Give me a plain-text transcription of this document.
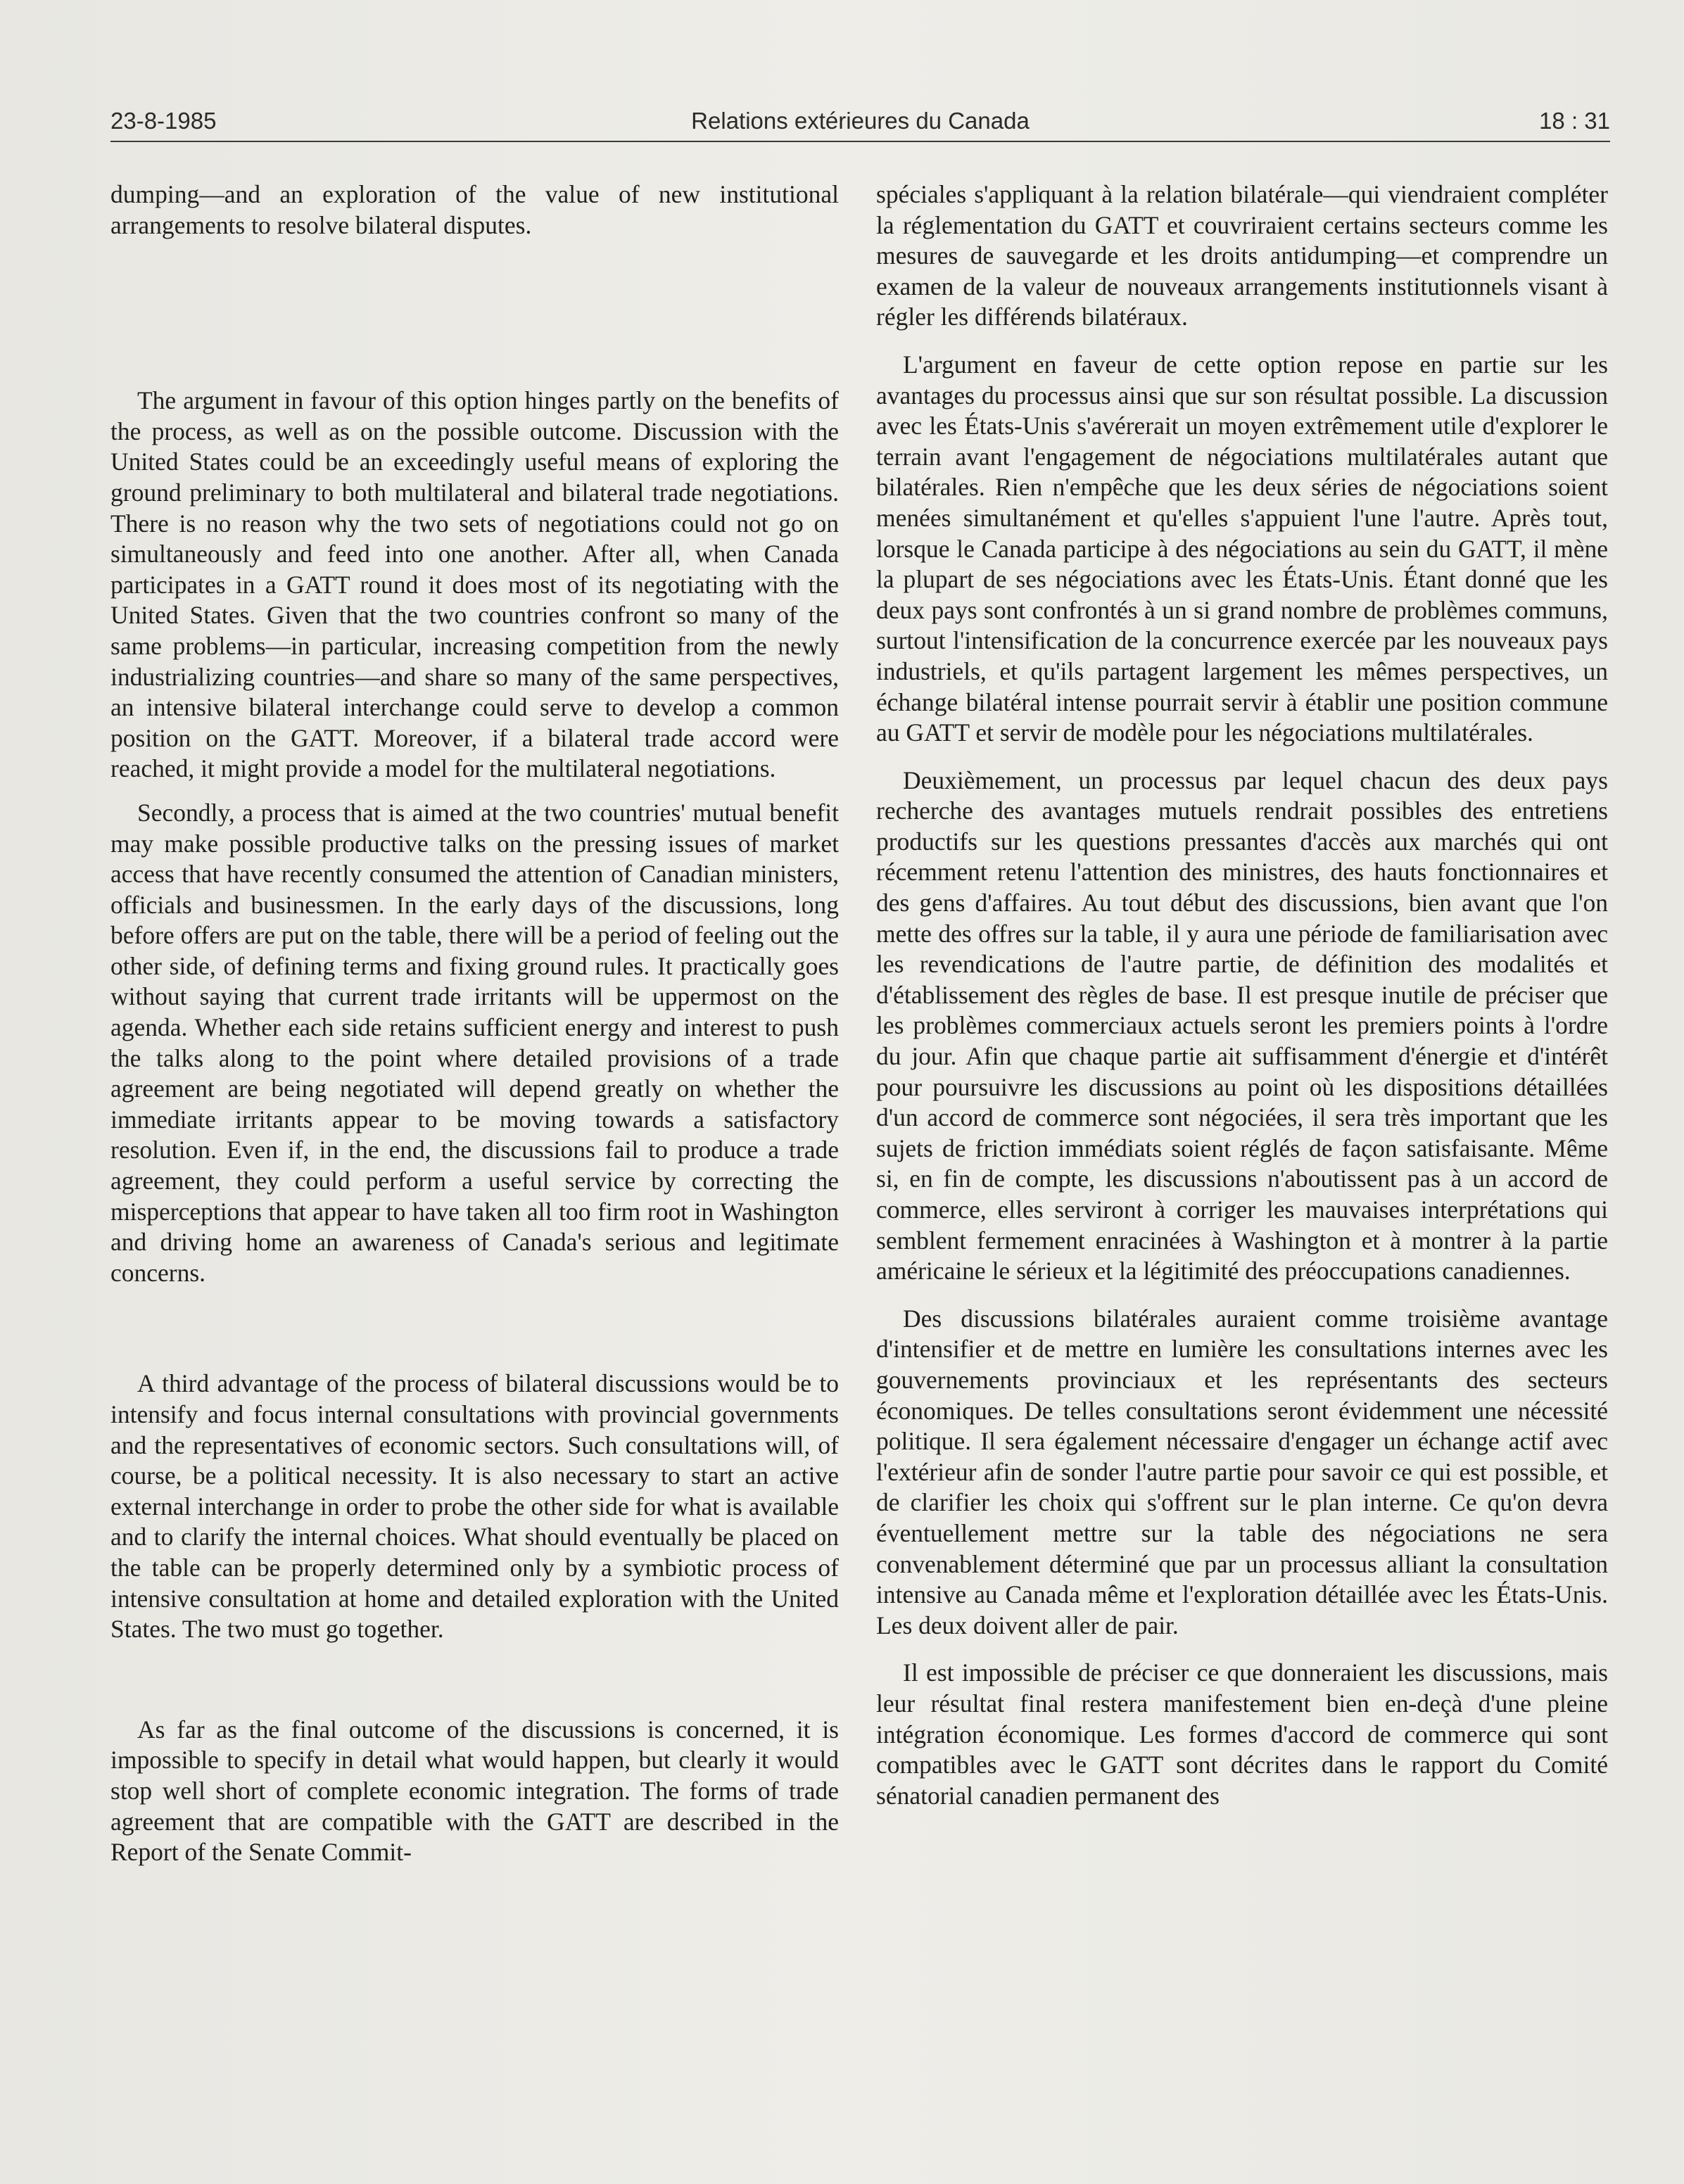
23-8-1985	Relations extérieures du Canada	18 : 31

dumping—and an exploration of the value of new institutional arrangements to resolve bilateral disputes.

The argument in favour of this option hinges partly on the benefits of the process, as well as on the possible outcome. Discussion with the United States could be an exceedingly useful means of exploring the ground preliminary to both multilateral and bilateral trade negotiations. There is no reason why the two sets of negotiations could not go on simultaneously and feed into one another. After all, when Canada participates in a GATT round it does most of its negotiating with the United States. Given that the two countries confront so many of the same problems—in particular, increasing competition from the newly industrializing countries—and share so many of the same perspectives, an intensive bilateral interchange could serve to develop a common position on the GATT. Moreover, if a bilateral trade accord were reached, it might provide a model for the multilateral negotiations.

Secondly, a process that is aimed at the two countries' mutual benefit may make possible productive talks on the pressing issues of market access that have recently consumed the attention of Canadian ministers, officials and businessmen. In the early days of the discussions, long before offers are put on the table, there will be a period of feeling out the other side, of defining terms and fixing ground rules. It practically goes without saying that current trade irritants will be uppermost on the agenda. Whether each side retains sufficient energy and interest to push the talks along to the point where detailed provisions of a trade agreement are being negotiated will depend greatly on whether the immediate irritants appear to be moving towards a satisfactory resolution. Even if, in the end, the discussions fail to produce a trade agreement, they could perform a useful service by correcting the misperceptions that appear to have taken all too firm root in Washington and driving home an awareness of Canada's serious and legitimate concerns.

A third advantage of the process of bilateral discussions would be to intensify and focus internal consultations with provincial governments and the representatives of economic sectors. Such consultations will, of course, be a political necessity. It is also necessary to start an active external interchange in order to probe the other side for what is available and to clarify the internal choices. What should eventually be placed on the table can be properly determined only by a symbiotic process of intensive consultation at home and detailed exploration with the United States. The two must go together.

As far as the final outcome of the discussions is concerned, it is impossible to specify in detail what would happen, but clearly it would stop well short of complete economic integration. The forms of trade agreement that are compatible with the GATT are described in the Report of the Senate Commit-

spéciales s'appliquant à la relation bilatérale—qui viendraient compléter la réglementation du GATT et couvriraient certains secteurs comme les mesures de sauvegarde et les droits antidumping—et comprendre un examen de la valeur de nouveaux arrangements institutionnels visant à régler les différends bilatéraux.

L'argument en faveur de cette option repose en partie sur les avantages du processus ainsi que sur son résultat possible. La discussion avec les États-Unis s'avérerait un moyen extrêmement utile d'explorer le terrain avant l'engagement de négociations multilatérales autant que bilatérales. Rien n'empêche que les deux séries de négociations soient menées simultanément et qu'elles s'appuient l'une l'autre. Après tout, lorsque le Canada participe à des négociations au sein du GATT, il mène la plupart de ses négociations avec les États-Unis. Étant donné que les deux pays sont confrontés à un si grand nombre de problèmes communs, surtout l'intensification de la concurrence exercée par les nouveaux pays industriels, et qu'ils partagent largement les mêmes perspectives, un échange bilatéral intense pourrait servir à établir une position commune au GATT et servir de modèle pour les négociations multilatérales.

Deuxièmement, un processus par lequel chacun des deux pays recherche des avantages mutuels rendrait possibles des entretiens productifs sur les questions pressantes d'accès aux marchés qui ont récemment retenu l'attention des ministres, des hauts fonctionnaires et des gens d'affaires. Au tout début des discussions, bien avant que l'on mette des offres sur la table, il y aura une période de familiarisation avec les revendications de l'autre partie, de définition des modalités et d'établissement des règles de base. Il est presque inutile de préciser que les problèmes commerciaux actuels seront les premiers points à l'ordre du jour. Afin que chaque partie ait suffisamment d'énergie et d'intérêt pour poursuivre les discussions au point où les dispositions détaillées d'un accord de commerce sont négociées, il sera très important que les sujets de friction immédiats soient réglés de façon satisfaisante. Même si, en fin de compte, les discussions n'aboutissent pas à un accord de commerce, elles serviront à corriger les mauvaises interprétations qui semblent fermement enracinées à Washington et à montrer à la partie américaine le sérieux et la légitimité des préoccupations canadiennes.

Des discussions bilatérales auraient comme troisième avantage d'intensifier et de mettre en lumière les consultations internes avec les gouvernements provinciaux et les représentants des secteurs économiques. De telles consultations seront évidemment une nécessité politique. Il sera également nécessaire d'engager un échange actif avec l'extérieur afin de sonder l'autre partie pour savoir ce qui est possible, et de clarifier les choix qui s'offrent sur le plan interne. Ce qu'on devra éventuellement mettre sur la table des négociations ne sera convenablement déterminé que par un processus alliant la consultation intensive au Canada même et l'exploration détaillée avec les États-Unis. Les deux doivent aller de pair.

Il est impossible de préciser ce que donneraient les discussions, mais leur résultat final restera manifestement bien en-deçà d'une pleine intégration économique. Les formes d'accord de commerce qui sont compatibles avec le GATT sont décrites dans le rapport du Comité sénatorial canadien permanent des
